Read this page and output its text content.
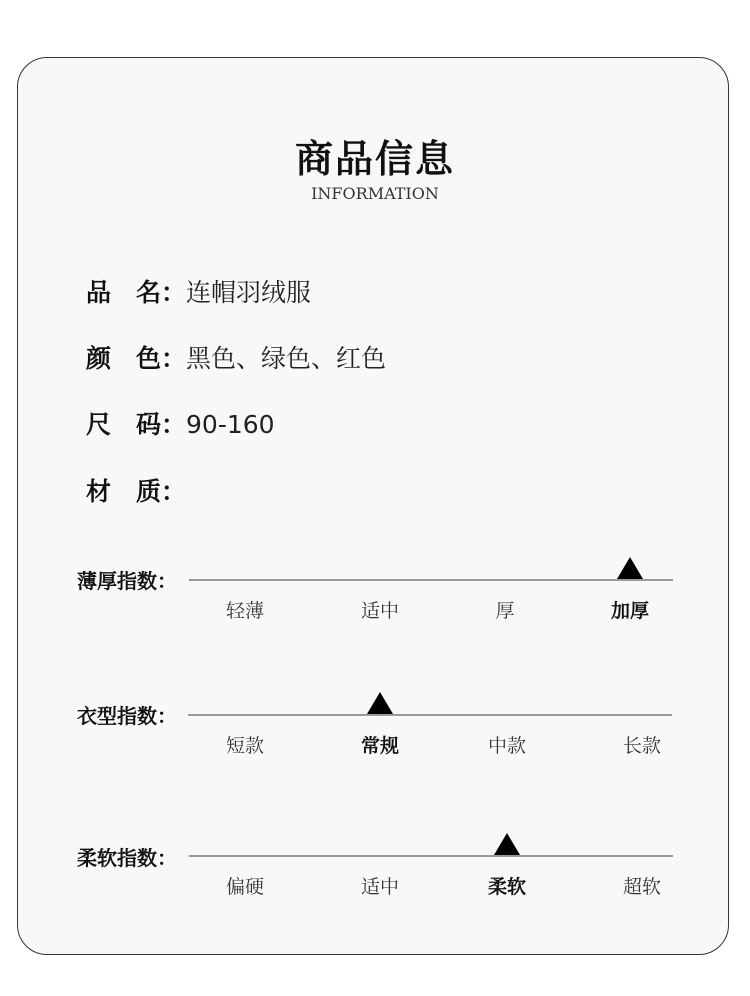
商品信息
INFORMATION
品　名：连帽羽绒服
颜　色：黑色、绿色、红色
尺　码：90-160
材　质：
薄厚指数：
轻薄	适中	厚	加厚
衣型指数：
短款	常规	中款	长款
柔软指数：
偏硬	适中	柔软	超软
